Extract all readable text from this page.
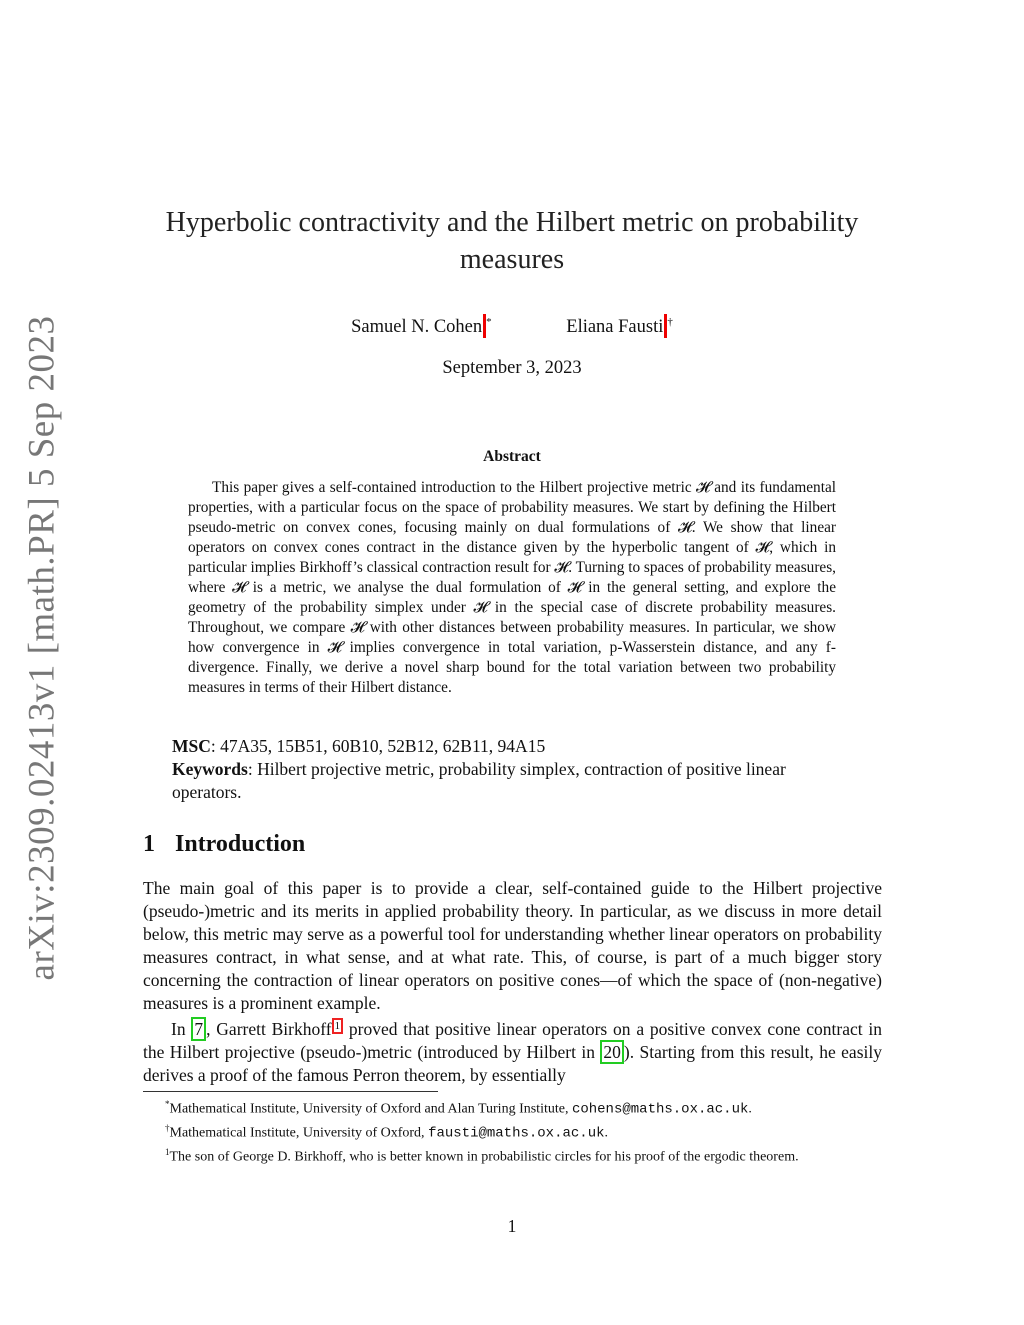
arXiv:2309.02413v1 [math.PR] 5 Sep 2023
Hyperbolic contractivity and the Hilbert metric on probability measures
Samuel N. Cohen *	Eliana Fausti †
September 3, 2023
Abstract
This paper gives a self-contained introduction to the Hilbert projective metric 𝓗 and its fundamental properties, with a particular focus on the space of probability measures. We start by defining the Hilbert pseudo-metric on convex cones, focusing mainly on dual formulations of 𝓗. We show that linear operators on convex cones contract in the distance given by the hyperbolic tangent of 𝓗, which in particular implies Birkhoff’s classical contraction result for 𝓗. Turning to spaces of probability measures, where 𝓗 is a metric, we analyse the dual formulation of 𝓗 in the general setting, and explore the geometry of the probability simplex under 𝓗 in the special case of discrete probability measures. Throughout, we compare 𝓗 with other distances between probability measures. In particular, we show how convergence in 𝓗 implies convergence in total variation, p-Wasserstein distance, and any f-divergence. Finally, we derive a novel sharp bound for the total variation between two probability measures in terms of their Hilbert distance.
MSC: 47A35, 15B51, 60B10, 52B12, 62B11, 94A15
Keywords: Hilbert projective metric, probability simplex, contraction of positive linear operators.
1 Introduction

The main goal of this paper is to provide a clear, self-contained guide to the Hilbert projective (pseudo-)metric and its merits in applied probability theory. In particular, as we discuss in more detail below, this metric may serve as a powerful tool for understanding whether linear operators on probability measures contract, in what sense, and at what rate. This, of course, is part of a much bigger story concerning the contraction of linear operators on positive cones—of which the space of (non-negative) measures is a prominent example.

In 7 , Garrett Birkhoff $^1$ proved that positive linear operators on a positive convex cone contract in the Hilbert projective (pseudo-)metric (introduced by Hilbert in 20 ). Starting from this result, he easily derives a proof of the famous Perron theorem, by essentially

*Mathematical Institute, University of Oxford and Alan Turing Institute, cohens@maths.ox.ac.uk.

†Mathematical Institute, University of Oxford, fausti@maths.ox.ac.uk.

$^1$The son of George D. Birkhoff, who is better known in probabilistic circles for his proof of the ergodic theorem.

1
